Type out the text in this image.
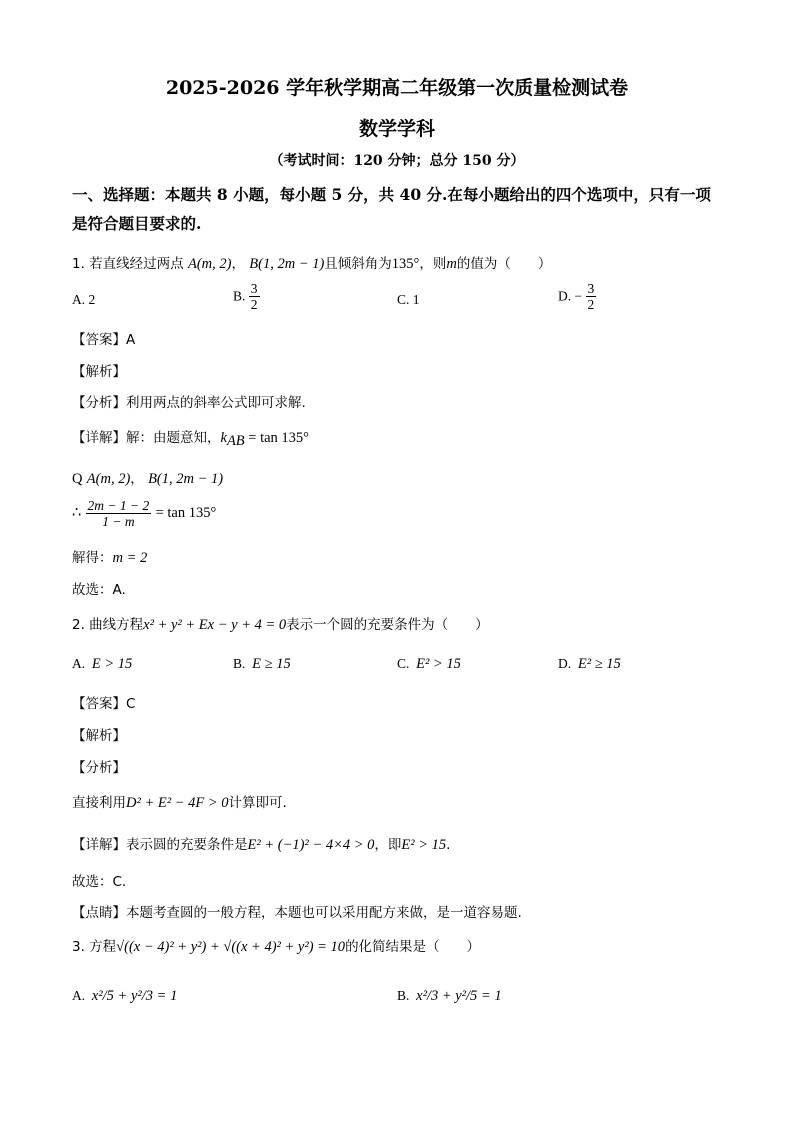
2025-2026 学年秋学期高二年级第一次质量检测试卷
数学学科
（考试时间：120 分钟；总分 150 分）
一、选择题：本题共 8 小题，每小题 5 分，共 40 分.在每小题给出的四个选项中，只有一项
是符合题目要求的.
1. 若直线经过两点 A(m, 2)， B(1, 2m − 1)且倾斜角为135°，则m的值为（　　）
A. 2	B. $\frac{3}{2}$	C. 1	D. − $\frac{3}{2}$
【答案】A
【解析】
【分析】利用两点的斜率公式即可求解.
【详解】解：由题意知，$k_{AB} = \tan 135^\circ$
Q A(m, 2)， B(1, 2m − 1)
∴ $\frac{2m - 1 - 2}{1 - m} = \tan 135^\circ$
解得：m = 2
故选：A.
2. 曲线方程x² + y² + Ex − y + 4 = 0表示一个圆的充要条件为（　　）
A. E > 15	B. E ≥ 15	C. E² > 15	D. E² ≥ 15
【答案】C
【解析】
【分析】
直接利用D² + E² − 4F > 0计算即可.
【详解】表示圆的充要条件是E² + (−1)² − 4×4 > 0，即E² > 15.
故选：C.
【点睛】本题考查圆的一般方程，本题也可以采用配方来做，是一道容易题.
3. 方程√((x − 4)² + y²) + √((x + 4)² + y²) = 10的化简结果是（　　）
A. x²/5 + y²/3 = 1	B. x²/3 + y²/5 = 1
